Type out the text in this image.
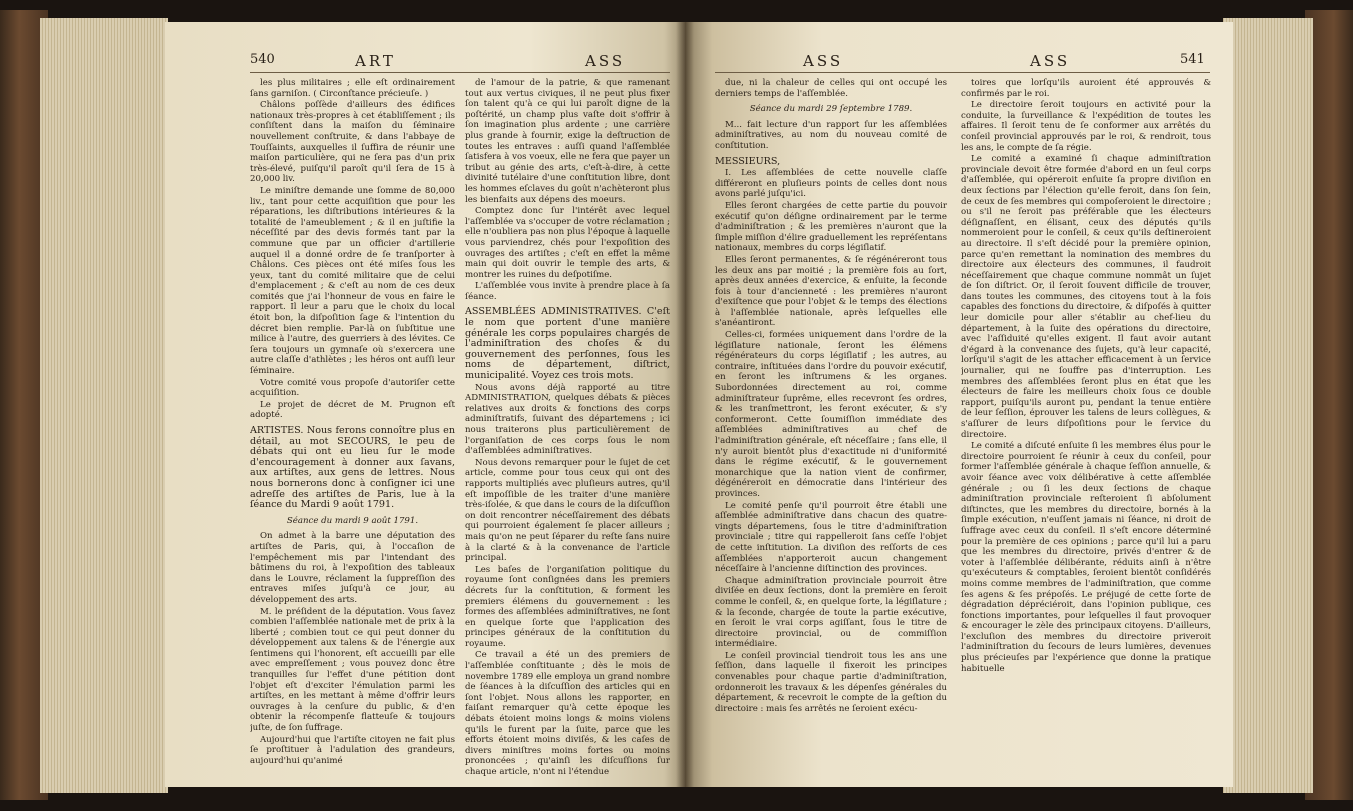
540	ART	ASS

les plus militaires ; elle eſt ordinairement ſans garniſon. ( Circonſtance précieuſe. )

Châlons poſſède d'ailleurs des édifices nationaux très-propres à cet établiſſement ; ils conſiſtent dans la maiſon du ſéminaire nouvellement conſtruite, & dans l'abbaye de Touſſaints, auxquelles il ſuffira de réunir une maiſon particulière, qui ne ſera pas d'un prix très-élevé, puiſqu'il paroît qu'il ſera de 15 à 20,000 liv.

Le miniſtre demande une ſomme de 80,000 liv., tant pour cette acquiſition que pour les réparations, les diſtributions intérieures & la totalité de l'ameublement ; & il en juſtifie la néceſſité par des devis formés tant par la commune que par un officier d'artillerie auquel il a donné ordre de ſe tranſporter à Châlons. Ces pièces ont été miſes ſous les yeux, tant du comité militaire que de celui d'emplacement ; & c'eſt au nom de ces deux comités que j'ai l'honneur de vous en faire le rapport. Il leur a paru que le choix du local étoit bon, la diſpoſition ſage & l'intention du décret bien remplie. Par-là on ſubſtitue une milice à l'autre, des guerriers à des lévites. Ce ſera toujours un gymnaſe où s'exercera une autre claſſe d'athlètes ; les héros ont auſſi leur ſéminaire.

Votre comité vous propoſe d'autoriſer cette acquiſition.

Le projet de décret de M. Prugnon eſt adopté.

ARTISTES. Nous ferons connoître plus en détail, au mot SECOURS, le peu de débats qui ont eu lieu ſur le mode d'encouragement à donner aux ſavans, aux artiſtes, aux gens de lettres. Nous nous bornerons donc à conſigner ici une adreſſe des artiſtes de Paris, lue à la ſéance du Mardi 9 août 1791.

Séance du mardi 9 août 1791.

On admet à la barre une députation des artiſtes de Paris, qui, à l'occaſion de l'empêchement mis par l'intendant des bâtimens du roi, à l'expoſition des tableaux dans le Louvre, réclament la ſuppreſſion des entraves miſes juſqu'à ce jour, au développement des arts.

M. le préſident de la députation. Vous ſavez combien l'aſſemblée nationale met de prix à la liberté ; combien tout ce qui peut donner du développement aux talens & de l'énergie aux ſentimens qui l'honorent, eſt accueilli par elle avec empreſſement ; vous pouvez donc être tranquilles ſur l'effet d'une pétition dont l'objet eſt d'exciter l'émulation parmi les artiſtes, en les mettant à même d'offrir leurs ouvrages à la cenſure du public, & d'en obtenir la récompenſe flatteuſe & toujours juſte, de ſon ſuffrage.

Aujourd'hui que l'artiſte citoyen ne fait plus ſe proſtituer à l'adulation des grandeurs, aujourd'hui qu'animé

de l'amour de la patrie, & que ramenant tout aux vertus civiques, il ne peut plus fixer ſon talent qu'à ce qui lui paroît digne de la poſtérité, un champ plus vaſte doit s'offrir à ſon imagination plus ardente ; une carrière plus grande à fournir, exige la deſtruction de toutes les entraves : auſſi quand l'aſſemblée ſatisfera à vos voeux, elle ne fera que payer un tribut au génie des arts, c'eſt-à-dire, à cette divinité tutélaire d'une conſtitution libre, dont les hommes eſclaves du goût n'achèteront plus les bienfaits aux dépens des moeurs.

Comptez donc ſur l'intérêt avec lequel l'aſſemblée va s'occuper de votre réclamation ; elle n'oubliera pas non plus l'époque à laquelle vous parviendrez, chés pour l'expoſition des ouvrages des artiſtes ; c'eſt en effet la même main qui doit ouvrir le temple des arts, & montrer les ruines du deſpotiſme.

L'aſſemblée vous invite à prendre place à ſa ſéance.

ASSEMBLÉES ADMINISTRATIVES. C'eſt le nom que portent d'une manière générale les corps populaires chargés de l'adminiſtration des choſes & du gouvernement des perſonnes, ſous les noms de département, diſtrict, municipalité. Voyez ces trois mots.

Nous avons déjà rapporté au titre ADMINISTRATION, quelques débats & pièces relatives aux droits & fonctions des corps adminiſtratifs, ſuivant des départemens ; ici nous traiterons plus particulièrement de l'organiſation de ces corps ſous le nom d'aſſemblées adminiſtratives.

Nous devons remarquer pour le ſujet de cet article, comme pour tous ceux qui ont des rapports multipliés avec pluſieurs autres, qu'il eſt impoſſible de les traiter d'une manière très-iſolée, & que dans le cours de la diſcuſſion on doit rencontrer néceſſairement des débats qui pourroient également ſe placer ailleurs ; mais qu'on ne peut ſéparer du reſte ſans nuire à la clarté & à la convenance de l'article principal.

Les baſes de l'organiſation politique du royaume ſont conſignées dans les premiers décrets ſur la conſtitution, & forment les premiers élémens du gouvernement : les formes des aſſemblées adminiſtratives, ne ſont en quelque ſorte que l'application des principes généraux de la conſtitution du royaume.

Ce travail a été un des premiers de l'aſſemblée conſtituante ; dès le mois de novembre 1789 elle employa un grand nombre de ſéances à la diſcuſſion des articles qui en ſont l'objet. Nous allons les rapporter, en faiſant remarquer qu'à cette époque les débats étoient moins longs & moins violens qu'ils le furent par la ſuite, parce que les efforts étoient moins diviſés, & les caſes de divers miniſtres moins fortes ou moins prononcées ; qu'ainſi les diſcuſſions ſur chaque article, n'ont ni l'étendue

ASS	ASS	541

due, ni la chaleur de celles qui ont occupé les derniers temps de l'aſſemblée.

Séance du mardi 29 ſeptembre 1789.

M... fait lecture d'un rapport ſur les aſſemblées adminiſtratives, au nom du nouveau comité de conſtitution.

MESSIEURS,

I. Les aſſemblées de cette nouvelle claſſe différeront en pluſieurs points de celles dont nous avons parlé juſqu'ici.

Elles ſeront chargées de cette partie du pouvoir exécutif qu'on déſigne ordinairement par le terme d'adminiſtration ; & les premières n'auront que la ſimple miſſion d'élire graduellement les repréſentans nationaux, membres du corps légiſlatif.

Elles ſeront permanentes, & ſe régénéreront tous les deux ans par moitié ; la première fois au ſort, après deux années d'exercice, & enſuite, la ſeconde fois à tour d'ancienneté : les premières n'auront d'exiſtence que pour l'objet & le temps des élections à l'aſſemblée nationale, après leſquelles elle s'anéantiront.

Celles-ci, formées uniquement dans l'ordre de la légiſlature nationale, ſeront les élémens régénérateurs du corps légiſlatif ; les autres, au contraire, inſtituées dans l'ordre du pouvoir exécutif, en ſeront les inſtrumens & les organes. Subordonnées directement au roi, comme adminiſtrateur ſuprême, elles recevront ſes ordres, & les tranſmettront, les feront exécuter, & s'y conformeront. Cette ſoumiſſion immédiate des aſſemblées adminiſtratives au chef de l'adminiſtration générale, eſt néceſſaire ; ſans elle, il n'y auroit bientôt plus d'exactitude ni d'uniformité dans le régime exécutif, & le gouvernement monarchique que la nation vient de confirmer, dégénéreroit en démocratie dans l'intérieur des provinces.

Le comité penſe qu'il pourroit être établi une aſſemblée adminiſtrative dans chacun des quatre-vingts départemens, ſous le titre d'adminiſtration provinciale ; titre qui rappelleroit ſans ceſſe l'objet de cette inſtitution. La diviſion des reſſorts de ces aſſemblées n'apporteroit aucun changement néceſſaire à l'ancienne diſtinction des provinces.

Chaque adminiſtration provinciale pourroit être diviſée en deux ſections, dont la première en ſeroit comme le conſeil, &, en quelque ſorte, la légiſlature ; & la ſeconde, chargée de toute la partie exécutive, en ſeroit le vrai corps agiſſant, ſous le titre de directoire provincial, ou de commiſſion intermédiaire.

Le conſeil provincial tiendroit tous les ans une ſeſſion, dans laquelle il fixeroit les principes convenables pour chaque partie d'adminiſtration, ordonneroit les travaux & les dépenſes générales du département, & recevroit le compte de la geſtion du directoire : mais ſes arrêtés ne ſeroient exécu-

toires que lorſqu'ils auroient été approuvés & confirmés par le roi.

Le directoire ſeroit toujours en activité pour la conduite, la ſurveillance & l'expédition de toutes les affaires. Il ſeroit tenu de ſe conformer aux arrêtés du conſeil provincial approuvés par le roi, & rendroit, tous les ans, le compte de ſa régie.

Le comité a examiné ſi chaque adminiſtration provinciale devoit être formée d'abord en un ſeul corps d'aſſemblée, qui opéreroit enſuite ſa propre diviſion en deux ſections par l'élection qu'elle feroit, dans ſon ſein, de ceux de ſes membres qui compoſeroient le directoire ; ou s'il ne ſeroit pas préférable que les électeurs déſignaſſent, en élisant, ceux des députés qu'ils nommeroient pour le conſeil, & ceux qu'ils deſtineroient au directoire. Il s'eſt décidé pour la première opinion, parce qu'en remettant la nomination des membres du directoire aux électeurs des communes, il faudroit néceſſairement que chaque commune nommât un ſujet de ſon diſtrict. Or, il ſeroit ſouvent difficile de trouver, dans toutes les communes, des citoyens tout à la fois capables des fonctions du directoire, & diſpoſés à quitter leur domicile pour aller s'établir au chef-lieu du département, à la ſuite des opérations du directoire, avec l'aſſiduité qu'elles exigent. Il faut avoir autant d'égard à la convenance des ſujets, qu'à leur capacité, lorſqu'il s'agit de les attacher efficacement à un ſervice journalier, qui ne ſouffre pas d'interruption. Les membres des aſſemblées ſeront plus en état que les électeurs de faire les meilleurs choix ſous ce double rapport, puiſqu'ils auront pu, pendant la tenue entière de leur ſeſſion, éprouver les talens de leurs collègues, & s'aſſurer de leurs diſpoſitions pour le ſervice du directoire.

Le comité a diſcuté enſuite ſi les membres élus pour le directoire pourroient ſe réunir à ceux du conſeil, pour former l'aſſemblée générale à chaque ſeſſion annuelle, & avoir ſéance avec voix délibérative à cette aſſemblée générale ; ou ſi les deux ſections de chaque adminiſtration provinciale reſteroient ſi abſolument diſtinctes, que les membres du directoire, bornés à la ſimple exécution, n'euſſent jamais ni ſéance, ni droit de ſuffrage avec ceux du conſeil. Il s'eſt encore déterminé pour la première de ces opinions ; parce qu'il lui a paru que les membres du directoire, privés d'entrer & de voter à l'aſſemblée délibérante, réduits ainſi à n'être qu'exécuteurs & comptables, ſeroient bientôt conſidérés moins comme membres de l'adminiſtration, que comme ſes agens & ſes prépoſés. Le préjugé de cette ſorte de dégradation dépréciéroit, dans l'opinion publique, ces fonctions importantes, pour leſquelles il faut provoquer & encourager le zèle des principaux citoyens. D'ailleurs, l'excluſion des membres du directoire priveroit l'adminiſtration du ſecours de leurs lumières, devenues plus précieuſes par l'expérience que donne la pratique habituelle
